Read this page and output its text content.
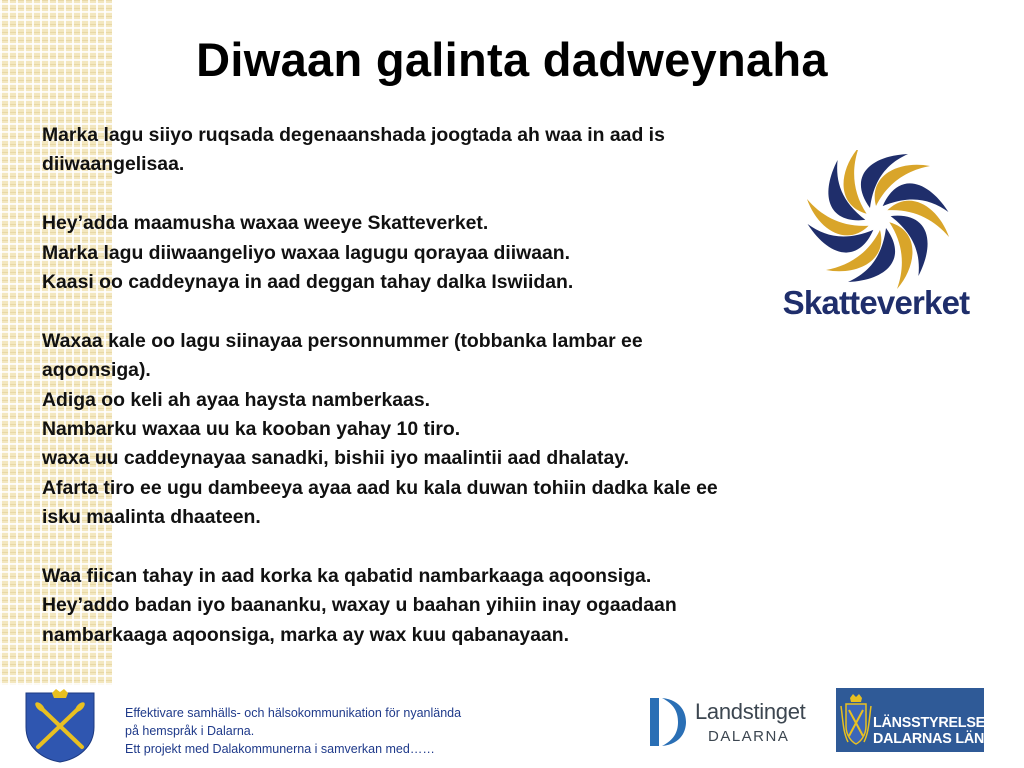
Diwaan galinta dadweynaha
Marka lagu siiyo ruqsada degenaanshada joogtada ah waa in aad is
diiwaangelisaa.
Hey’adda maamusha waxaa weeye Skatteverket.
Marka lagu diiwaangeliyo waxaa lagugu qorayaa diiwaan.
Kaasi oo caddeynaya in aad deggan tahay dalka Iswiidan.
Waxaa kale oo lagu siinayaa personnummer (tobbanka lambar ee
aqoonsiga).
Adiga oo keli ah ayaa haysta namberkaas.
Nambarku waxaa uu ka kooban yahay 10 tiro.
waxa uu caddeynayaa sanadki, bishii iyo maalintii aad dhalatay.
Afarta tiro ee ugu dambeeya ayaa aad ku kala duwan tohiin dadka kale ee
isku maalinta dhaateen.
Waa fiican tahay in aad korka ka qabatid nambarkaaga aqoonsiga.
Hey’addo badan iyo baananku, waxay u baahan yihiin inay ogaadaan
nambarkaaga aqoonsiga, marka ay wax kuu qabanayaan.
Skatteverket
Effektivare samhälls- och hälsokommunikation för nyanlända
på hemspråk i Dalarna.
Ett projekt med Dalakommunerna i samverkan med……
Landstinget
DALARNA
LÄNSSTYRELSEN
DALARNAS LÄN
